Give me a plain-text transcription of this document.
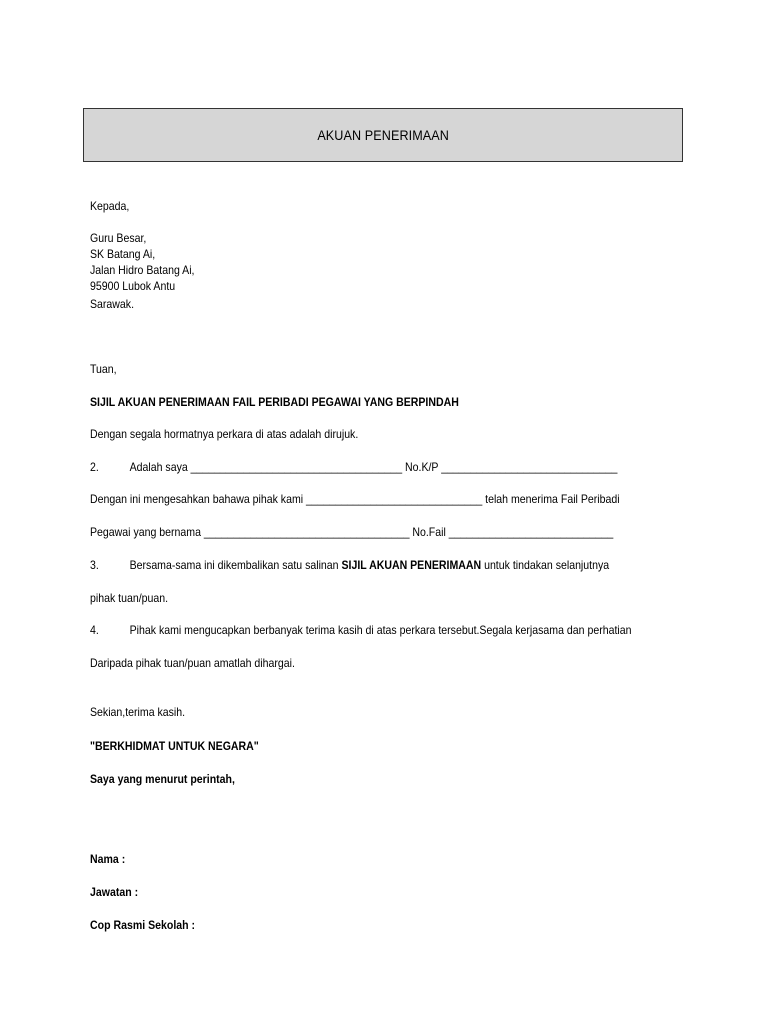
AKUAN PENERIMAAN
Kepada,
Guru Besar,
SK Batang Ai,
Jalan Hidro Batang Ai,
95900 Lubok Antu
Sarawak.
Tuan,
SIJIL AKUAN PENERIMAAN FAIL PERIBADI PEGAWAI YANG BERPINDAH
Dengan segala hormatnya perkara di atas adalah dirujuk.
2.	Adalah saya ____________________________________ No.K/P ______________________________
Dengan ini mengesahkan bahawa pihak kami ______________________________ telah menerima Fail Peribadi
Pegawai yang bernama ___________________________________ No.Fail ____________________________
3.	Bersama-sama ini dikembalikan satu salinan SIJIL AKUAN PENERIMAAN untuk tindakan selanjutnya
pihak tuan/puan.
4.	Pihak kami mengucapkan berbanyak terima kasih di atas perkara tersebut.Segala kerjasama dan perhatian
Daripada pihak tuan/puan amatlah dihargai.
Sekian,terima kasih.
"BERKHIDMAT UNTUK NEGARA"
Saya yang menurut perintah,
Nama :
Jawatan :
Cop Rasmi Sekolah :
